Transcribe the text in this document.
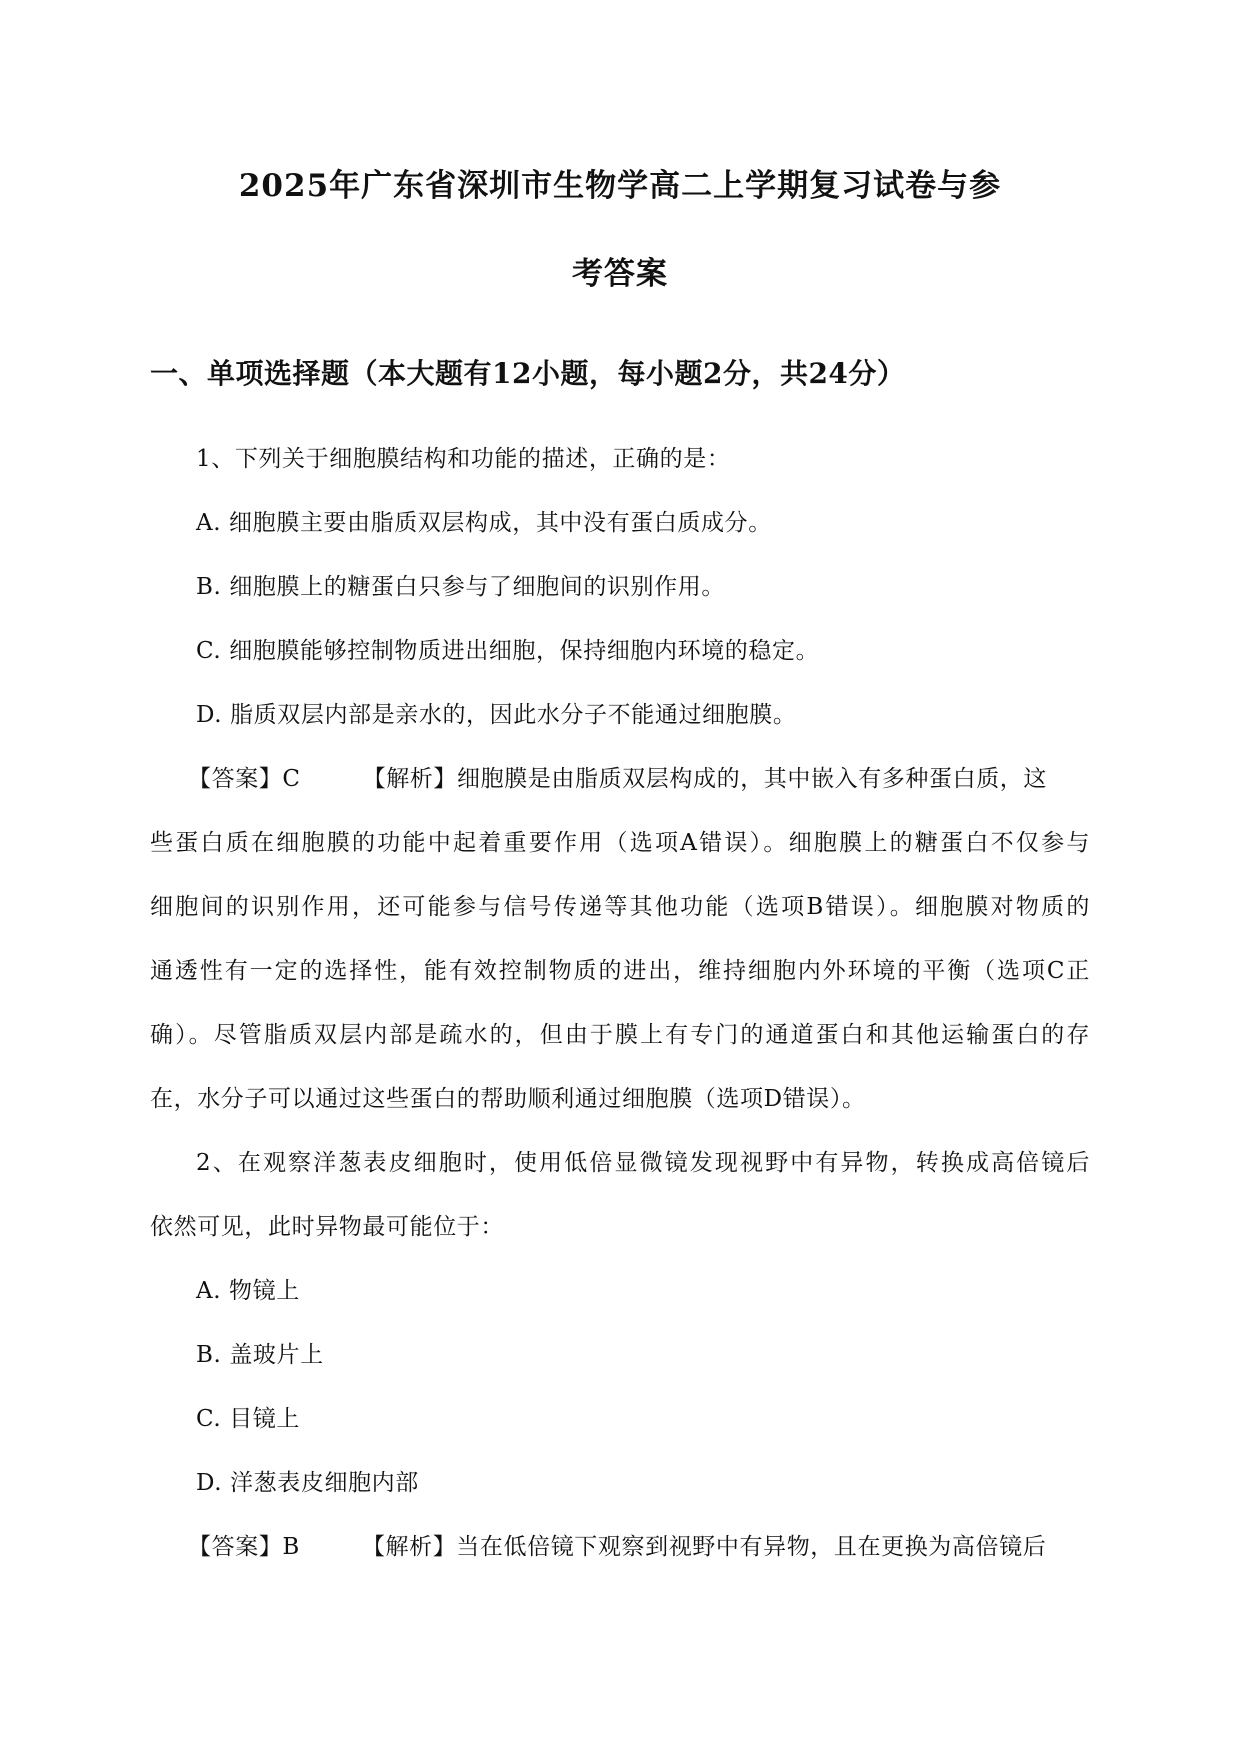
2025年广东省深圳市生物学高二上学期复习试卷与参
考答案
一、单项选择题（本大题有12小题，每小题2分，共24分）
1、下列关于细胞膜结构和功能的描述，正确的是：
A. 细胞膜主要由脂质双层构成，其中没有蛋白质成分。
B. 细胞膜上的糖蛋白只参与了细胞间的识别作用。
C. 细胞膜能够控制物质进出细胞，保持细胞内环境的稳定。
D. 脂质双层内部是亲水的，因此水分子不能通过细胞膜。
【答案】C	【解析】细胞膜是由脂质双层构成的，其中嵌入有多种蛋白质，这
些蛋白质在细胞膜的功能中起着重要作用（选项A错误）。细胞膜上的糖蛋白不仅参与
细胞间的识别作用，还可能参与信号传递等其他功能（选项B错误）。细胞膜对物质的
通透性有一定的选择性，能有效控制物质的进出，维持细胞内外环境的平衡（选项C正
确）。尽管脂质双层内部是疏水的，但由于膜上有专门的通道蛋白和其他运输蛋白的存
在，水分子可以通过这些蛋白的帮助顺利通过细胞膜（选项D错误）。
2、在观察洋葱表皮细胞时，使用低倍显微镜发现视野中有异物，转换成高倍镜后
依然可见，此时异物最可能位于：
A. 物镜上
B. 盖玻片上
C. 目镜上
D. 洋葱表皮细胞内部
【答案】B	【解析】当在低倍镜下观察到视野中有异物，且在更换为高倍镜后
